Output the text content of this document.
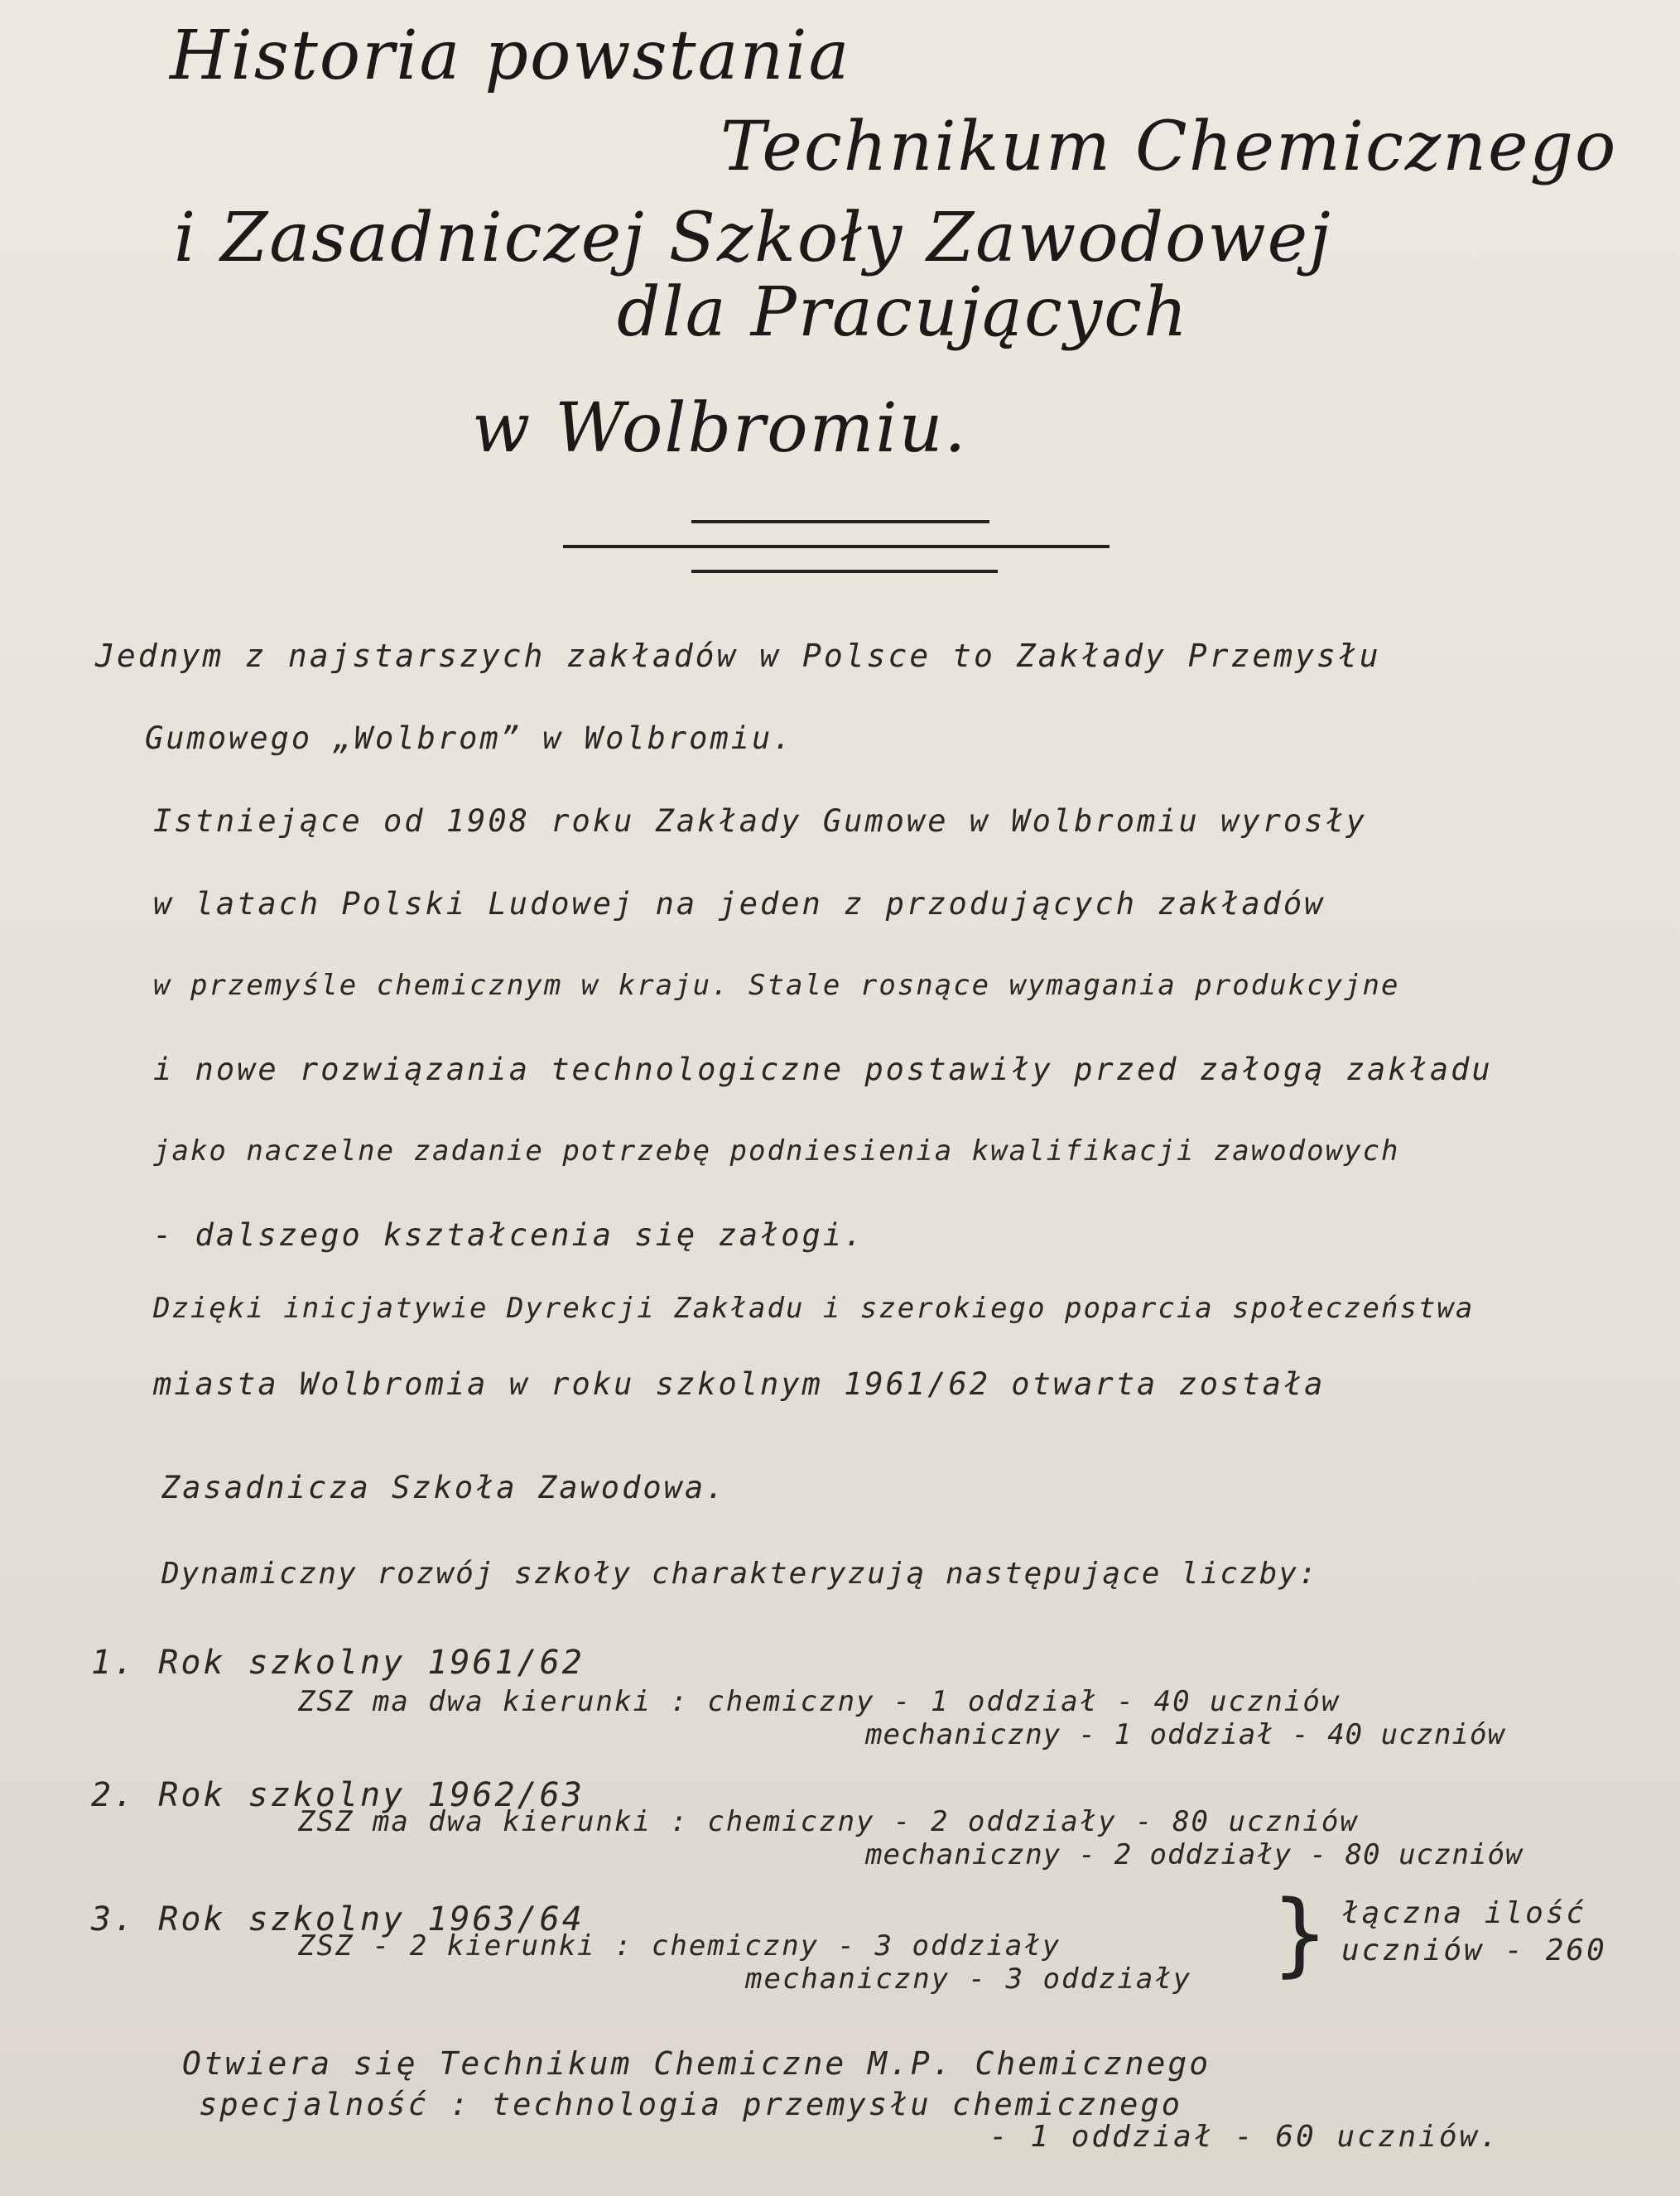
Historia powstania
Technikum Chemicznego
i Zasadniczej Szkoły Zawodowej
dla Pracujących
w Wolbromiu.
Jednym z najstarszych zakładów w Polsce to Zakłady Przemysłu
Gumowego „Wolbrom” w Wolbromiu.
Istniejące od 1908 roku Zakłady Gumowe w Wolbromiu wyrosły
w latach Polski Ludowej na jeden z przodujących zakładów
w przemyśle chemicznym w kraju. Stale rosnące wymagania produkcyjne
i nowe rozwiązania technologiczne postawiły przed załogą zakładu
jako naczelne zadanie potrzebę podniesienia kwalifikacji zawodowych
- dalszego kształcenia się załogi.
Dzięki inicjatywie Dyrekcji Zakładu i szerokiego poparcia społeczeństwa
miasta Wolbromia w roku szkolnym 1961/62 otwarta została
Zasadnicza Szkoła Zawodowa.
Dynamiczny rozwój szkoły charakteryzują następujące liczby:
1. Rok szkolny 1961/62
ZSZ ma dwa kierunki : chemiczny - 1 oddział - 40 uczniów
mechaniczny - 1 oddział - 40 uczniów
2. Rok szkolny 1962/63
ZSZ ma dwa kierunki : chemiczny - 2 oddziały - 80 uczniów
mechaniczny - 2 oddziały - 80 uczniów
3. Rok szkolny 1963/64
ZSZ - 2 kierunki : chemiczny - 3 oddziały
mechaniczny - 3 oddziały } łączna ilość
uczniów - 260
Otwiera się Technikum Chemiczne M.P. Chemicznego
specjalność : technologia przemysłu chemicznego
- 1 oddział - 60 uczniów.
